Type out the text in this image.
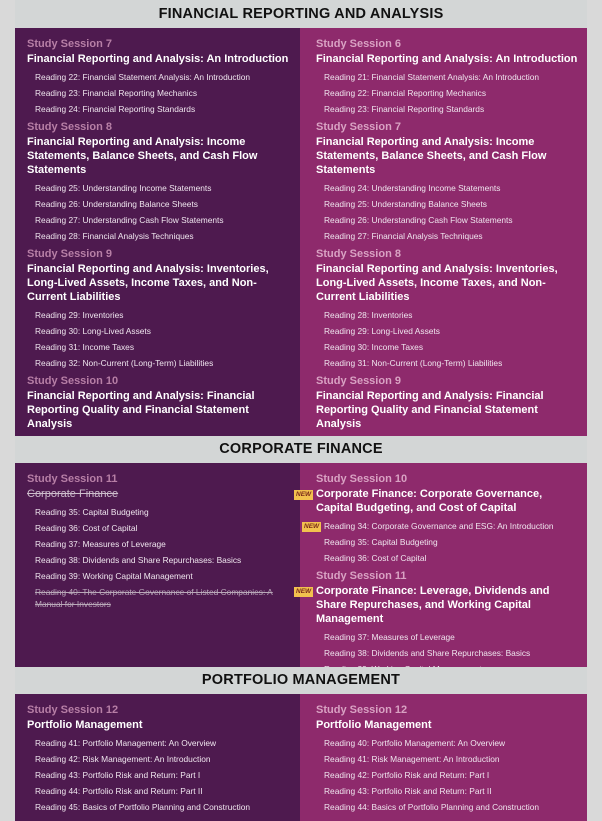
FINANCIAL REPORTING AND ANALYSIS
Study Session 7
Financial Reporting and Analysis: An Introduction
Reading 22: Financial Statement Analysis: An Introduction
Reading 23: Financial Reporting Mechanics
Reading 24: Financial Reporting Standards
Study Session 8
Financial Reporting and Analysis: Income Statements, Balance Sheets, and Cash Flow Statements
Reading 25: Understanding Income Statements
Reading 26: Understanding Balance Sheets
Reading 27: Understanding Cash Flow Statements
Reading 28: Financial Analysis Techniques
Study Session 9
Financial Reporting and Analysis: Inventories, Long-Lived Assets, Income Taxes, and Non-Current Liabilities
Reading 29: Inventories
Reading 30: Long-Lived Assets
Reading 31: Income Taxes
Reading 32: Non-Current (Long-Term) Liabilities
Study Session 10
Financial Reporting and Analysis: Financial Reporting Quality and Financial Statement Analysis
Study Session 6
Financial Reporting and Analysis: An Introduction
Reading 21: Financial Statement Analysis: An Introduction
Reading 22: Financial Reporting Mechanics
Reading 23: Financial Reporting Standards
Study Session 7
Financial Reporting and Analysis: Income Statements, Balance Sheets, and Cash Flow Statements
Reading 24: Understanding Income Statements
Reading 25: Understanding Balance Sheets
Reading 26: Understanding Cash Flow Statements
Reading 27: Financial Analysis Techniques
Study Session 8
Financial Reporting and Analysis: Inventories, Long-Lived Assets, Income Taxes, and Non-Current Liabilities
Reading 28: Inventories
Reading 29: Long-Lived Assets
Reading 30: Income Taxes
Reading 31: Non-Current (Long-Term) Liabilities
Study Session 9
Financial Reporting and Analysis: Financial Reporting Quality and Financial Statement Analysis
CORPORATE FINANCE
Study Session 11
Corporate Finance
Reading 35: Capital Budgeting
Reading 36: Cost of Capital
Reading 37: Measures of Leverage
Reading 38: Dividends and Share Repurchases: Basics
Reading 39: Working Capital Management
Reading 40: The Corporate Governance of Listed Companies: A Manual for Investors
Study Session 10
NEW Corporate Finance: Corporate Governance, Capital Budgeting, and Cost of Capital
NEW Reading 34: Corporate Governance and ESG: An Introduction
Reading 35: Capital Budgeting
Reading 36: Cost of Capital
Study Session 11
NEW Corporate Finance: Leverage, Dividends and Share Repurchases, and Working Capital Management
Reading 37: Measures of Leverage
Reading 38: Dividends and Share Repurchases: Basics
PORTFOLIO MANAGEMENT
Study Session 12
Portfolio Management
Reading 41: Portfolio Management: An Overview
Reading 42: Risk Management: An Introduction
Reading 43: Portfolio Risk and Return: Part I
Reading 44: Portfolio Risk and Return: Part II
Reading 45: Basics of Portfolio Planning and Construction
Study Session 12
Portfolio Management
Reading 40: Portfolio Management: An Overview
Reading 41: Risk Management: An Introduction
Reading 42: Portfolio Risk and Return: Part I
Reading 43: Portfolio Risk and Return: Part II
Reading 44: Basics of Portfolio Planning and Construction
